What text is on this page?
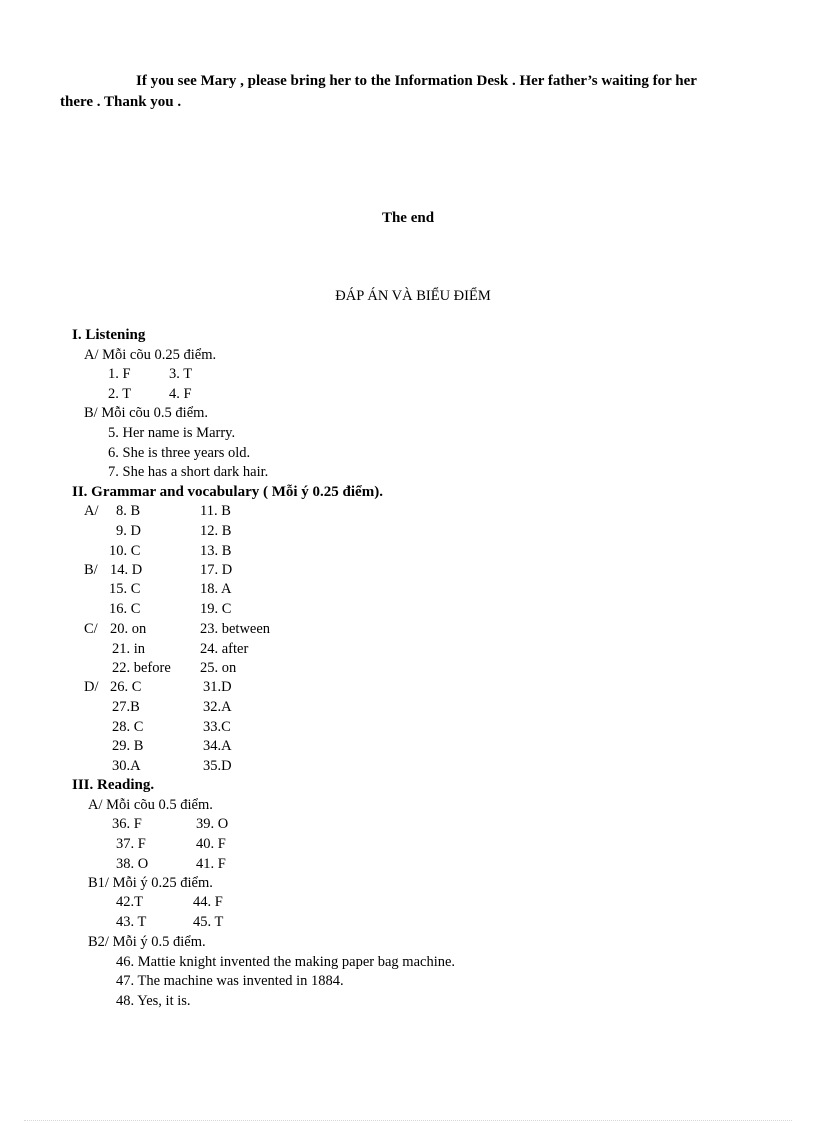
If you see Mary , please bring her to the Information Desk . Her father’s waiting for her
there . Thank you .
The end
ĐÁP ÁN VÀ BIỂU ĐIỂM
I. Listening
A/ Mỗi cõu 0.25 điểm.
1. F	3. T
2. T	4. F
B/ Mỗi cõu 0.5 điểm.
5. Her name is Marry.
6. She is three years old.
7. She has a short dark hair.
II. Grammar and vocabulary ( Mỗi ý 0.25 điểm).
A/ 8. B	11. B
9. D	12. B
10. C	13. B
B/ 14. D	17. D
15. C	18. A
16. C	19. C
C/ 20. on	23. between
21. in	24. after
22. before 25. on
D/ 26. C	31.D
27.B	32.A
28. C	33.C
29. B	34.A
30.A	35.D
III. Reading.
A/ Mỗi cõu 0.5 điểm.
36. F	39. O
37. F	40. F
38. O	41. F
B1/ Mỗi ý 0.25 điểm.
42.T	44. F
43. T	45. T
B2/ Mỗi ý 0.5 điểm.
46. Mattie knight invented the making paper bag machine.
47. The machine was invented in 1884.
48. Yes, it is.
